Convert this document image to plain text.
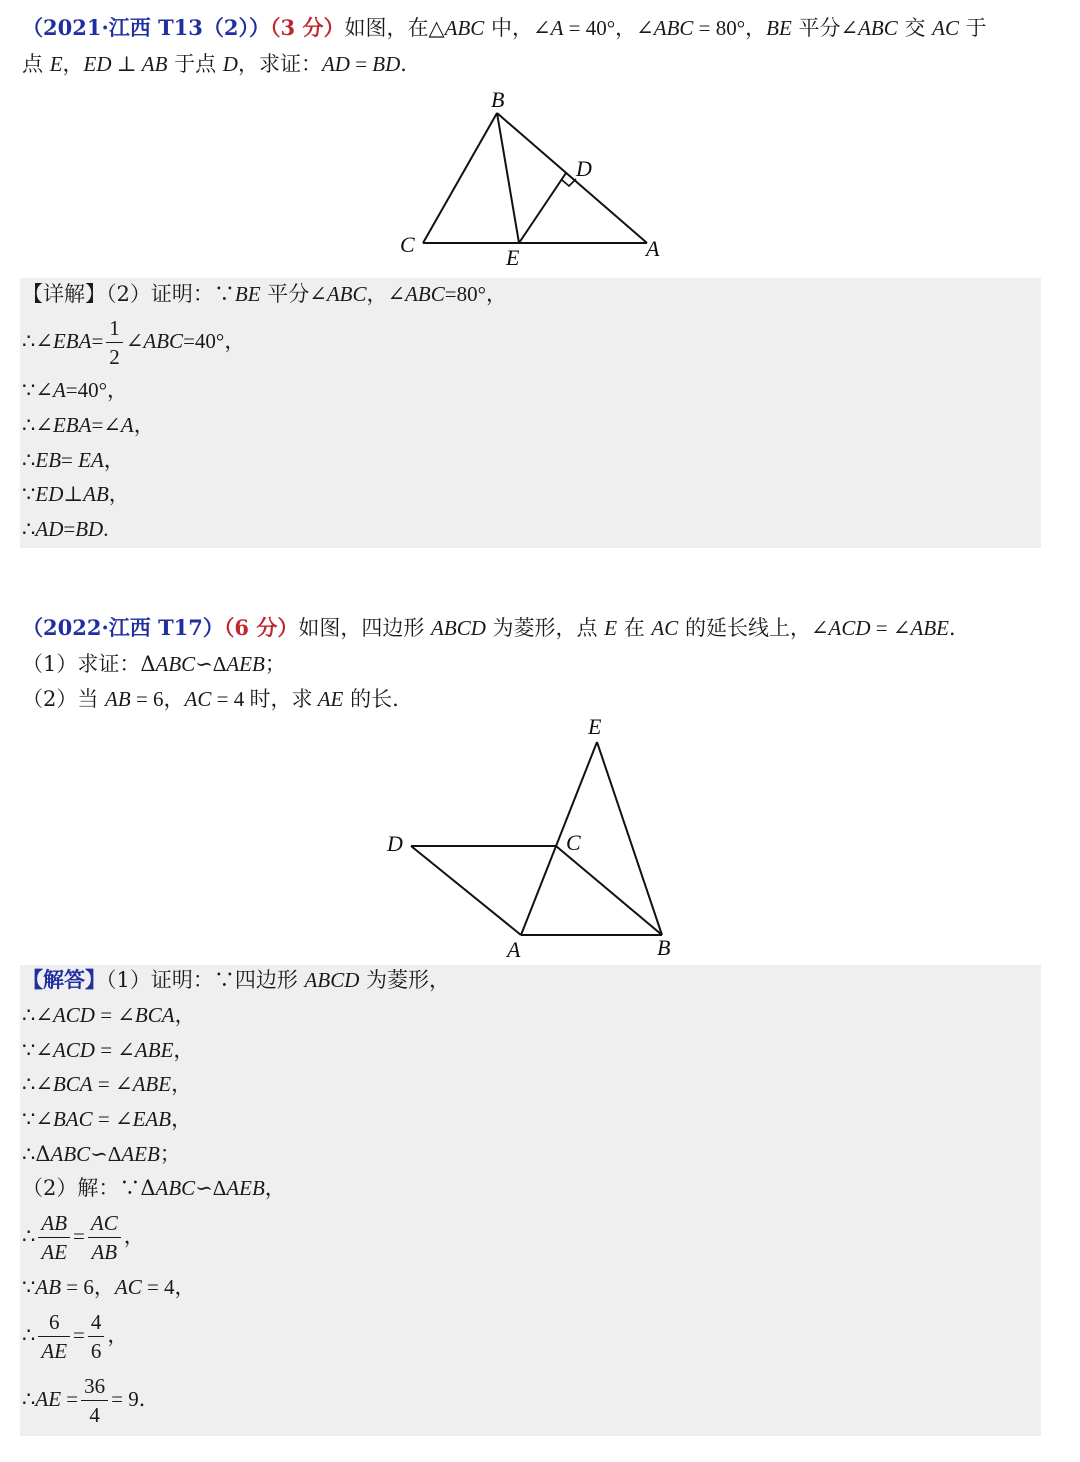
（2021·江西 T13（2））（3 分）如图，在△ABC 中，∠A = 40°，∠ABC = 80°，BE 平分∠ABC 交 AC 于
点 E，ED ⊥ AB 于点 D，求证：AD = BD．
B
D
C
E	A
【详解】（2）证明：∵BE 平分∠ABC，∠ABC=80°，
∴∠EBA= $\frac{1}{2}$ ∠ABC=40°，
∵∠A=40°，
∴∠EBA=∠A，
∴EB= EA，
∵ED⊥AB，
∴AD=BD.
（2022·江西 T17）（6 分）如图，四边形 ABCD 为菱形，点 E 在 AC 的延长线上，∠ACD = ∠ABE．
（1）求证：ΔABC∽ΔAEB；
（2）当 AB = 6，AC = 4 时，求 AE 的长.
E
D	C
A	B
【解答】（1）证明：∵四边形 ABCD 为菱形，
∴∠ACD = ∠BCA，
∵∠ACD = ∠ABE，
∴∠BCA = ∠ABE，
∵∠BAC = ∠EAB，
∴ΔABC∽ΔAEB；
（2）解：∵ΔABC∽ΔAEB，
∴ $\frac{AB}{AE} = \frac{AC}{AB}$ ，
∵AB = 6，AC = 4，
∴ $\frac{6}{AE} = \frac{4}{6}$ ，
∴AE = $\frac{36}{4} = 9$．
